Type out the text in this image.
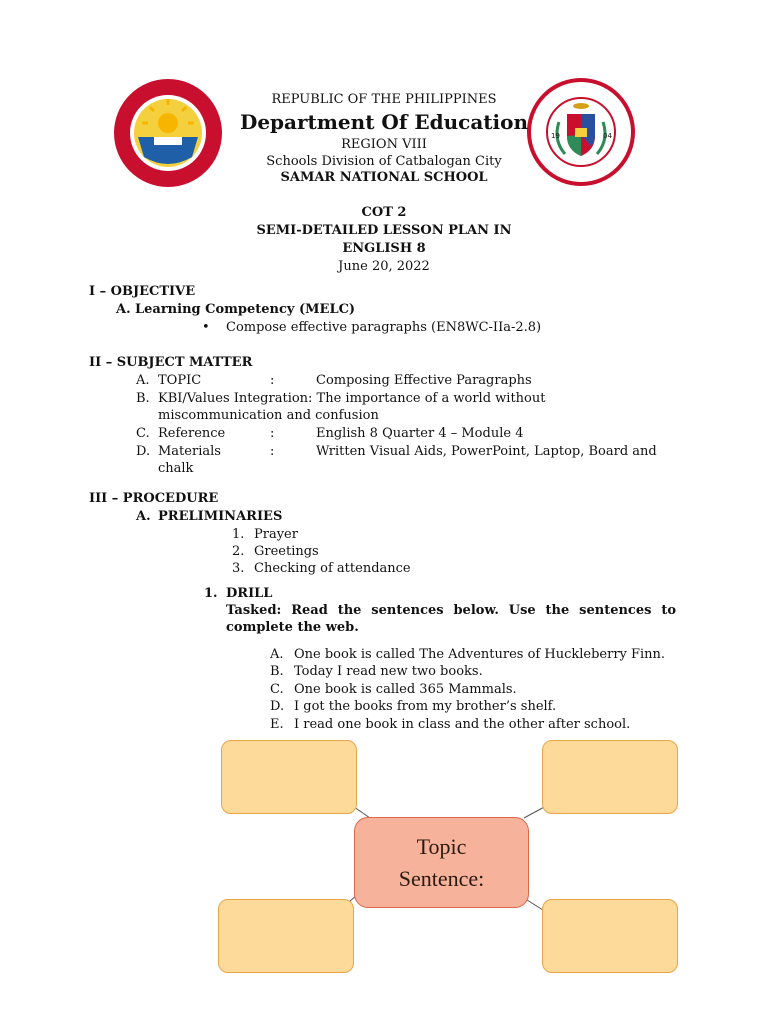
19	04
REPUBLIC OF THE PHILIPPINES
Department Of Education
REGION VIII
Schools Division of Catbalogan City
SAMAR NATIONAL SCHOOL
COT 2
SEMI-DETAILED LESSON PLAN IN
ENGLISH 8
June 20, 2022
I – OBJECTIVE
A. Learning Competency (MELC)
• Compose effective paragraphs (EN8WC-IIa-2.8)
II – SUBJECT MATTER
A. TOPIC	:	Composing Effective Paragraphs
B. KBI/Values Integration: The importance of a world without
miscommunication and confusion
C. Reference	:	English 8 Quarter 4 – Module 4
D. Materials	:	Written Visual Aids, PowerPoint, Laptop, Board and
chalk
III – PROCEDURE
A. PRELIMINARIES
1. Prayer
2. Greetings
3. Checking of attendance
1. DRILL
Tasked: Read the sentences below. Use the sentences to complete the web.
A. One book is called The Adventures of Huckleberry Finn.
B. Today I read new two books.
C. One book is called 365 Mammals.
D. I got the books from my brother’s shelf.
E. I read one book in class and the other after school.
Topic
Sentence:
